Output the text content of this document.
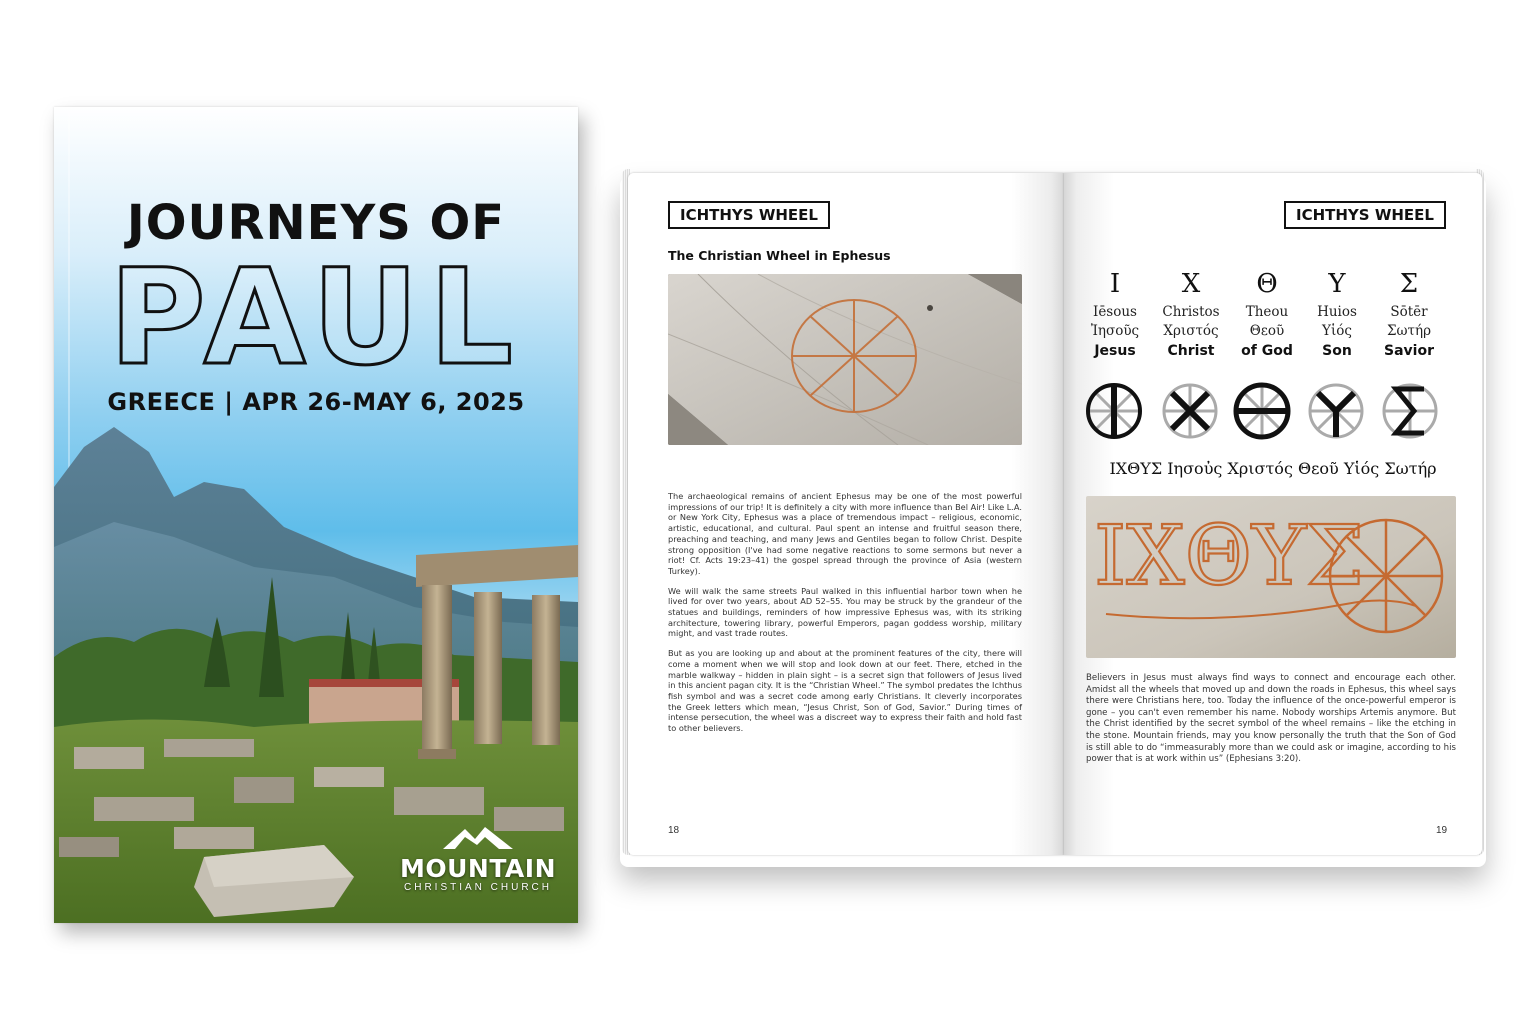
JOURNEYS OF
PAUL
GREECE | APR 26-MAY 6, 2025
MOUNTAIN
CHRISTIAN CHURCH
ICHTHYS WHEEL
The Christian Wheel in Ephesus

The archaeological remains of ancient Ephesus may be one of the most powerful impressions of our trip! It is definitely a city with more influence than Bel Air! Like L.A. or New York City, Ephesus was a place of tremendous impact – religious, economic, artistic, educational, and cultural. Paul spent an intense and fruitful season there, preaching and teaching, and many Jews and Gentiles began to follow Christ. Despite strong opposition (I've had some negative reactions to some sermons but never a riot! Cf. Acts 19:23–41) the gospel spread through the province of Asia (western Turkey).

We will walk the same streets Paul walked in this influential harbor town when he lived for over two years, about AD 52–55. You may be struck by the grandeur of the statues and buildings, reminders of how impressive Ephesus was, with its striking architecture, towering library, powerful Emperors, pagan goddess worship, military might, and vast trade routes.

But as you are looking up and about at the prominent features of the city, there will come a moment when we will stop and look down at our feet. There, etched in the marble walkway – hidden in plain sight – is a secret sign that followers of Jesus lived in this ancient pagan city. It is the “Christian Wheel.” The symbol predates the Ichthus fish symbol and was a secret code among early Christians. It cleverly incorporates the Greek letters which mean, “Jesus Christ, Son of God, Savior.” During times of intense persecution, the wheel was a discreet way to express their faith and hold fast to other believers.

18
ICHTHYS WHEEL
Ι
Iēsous
Ἰησοῦς
Jesus
Χ
Christos
Χριστός
Christ
Θ
Theou
Θεοῦ
of God
Υ
Huios
Υἱός
Son
Σ
Sōtēr
Σωτήρ
Savior
ΙΧΘΥΣ Ιησοὐς Χριστός Θεοῦ Υἱός Σωτήρ
ΙΧΘΥΣ
Believers in Jesus must always find ways to connect and encourage each other. Amidst all the wheels that moved up and down the roads in Ephesus, this wheel says there were Christians here, too. Today the influence of the once-powerful emperor is gone – you can't even remember his name. Nobody worships Artemis anymore. But the Christ identified by the secret symbol of the wheel remains – like the etching in the stone. Mountain friends, may you know personally the truth that the Son of God is still able to do “immeasurably more than we could ask or imagine, according to his power that is at work within us” (Ephesians 3:20).
19
